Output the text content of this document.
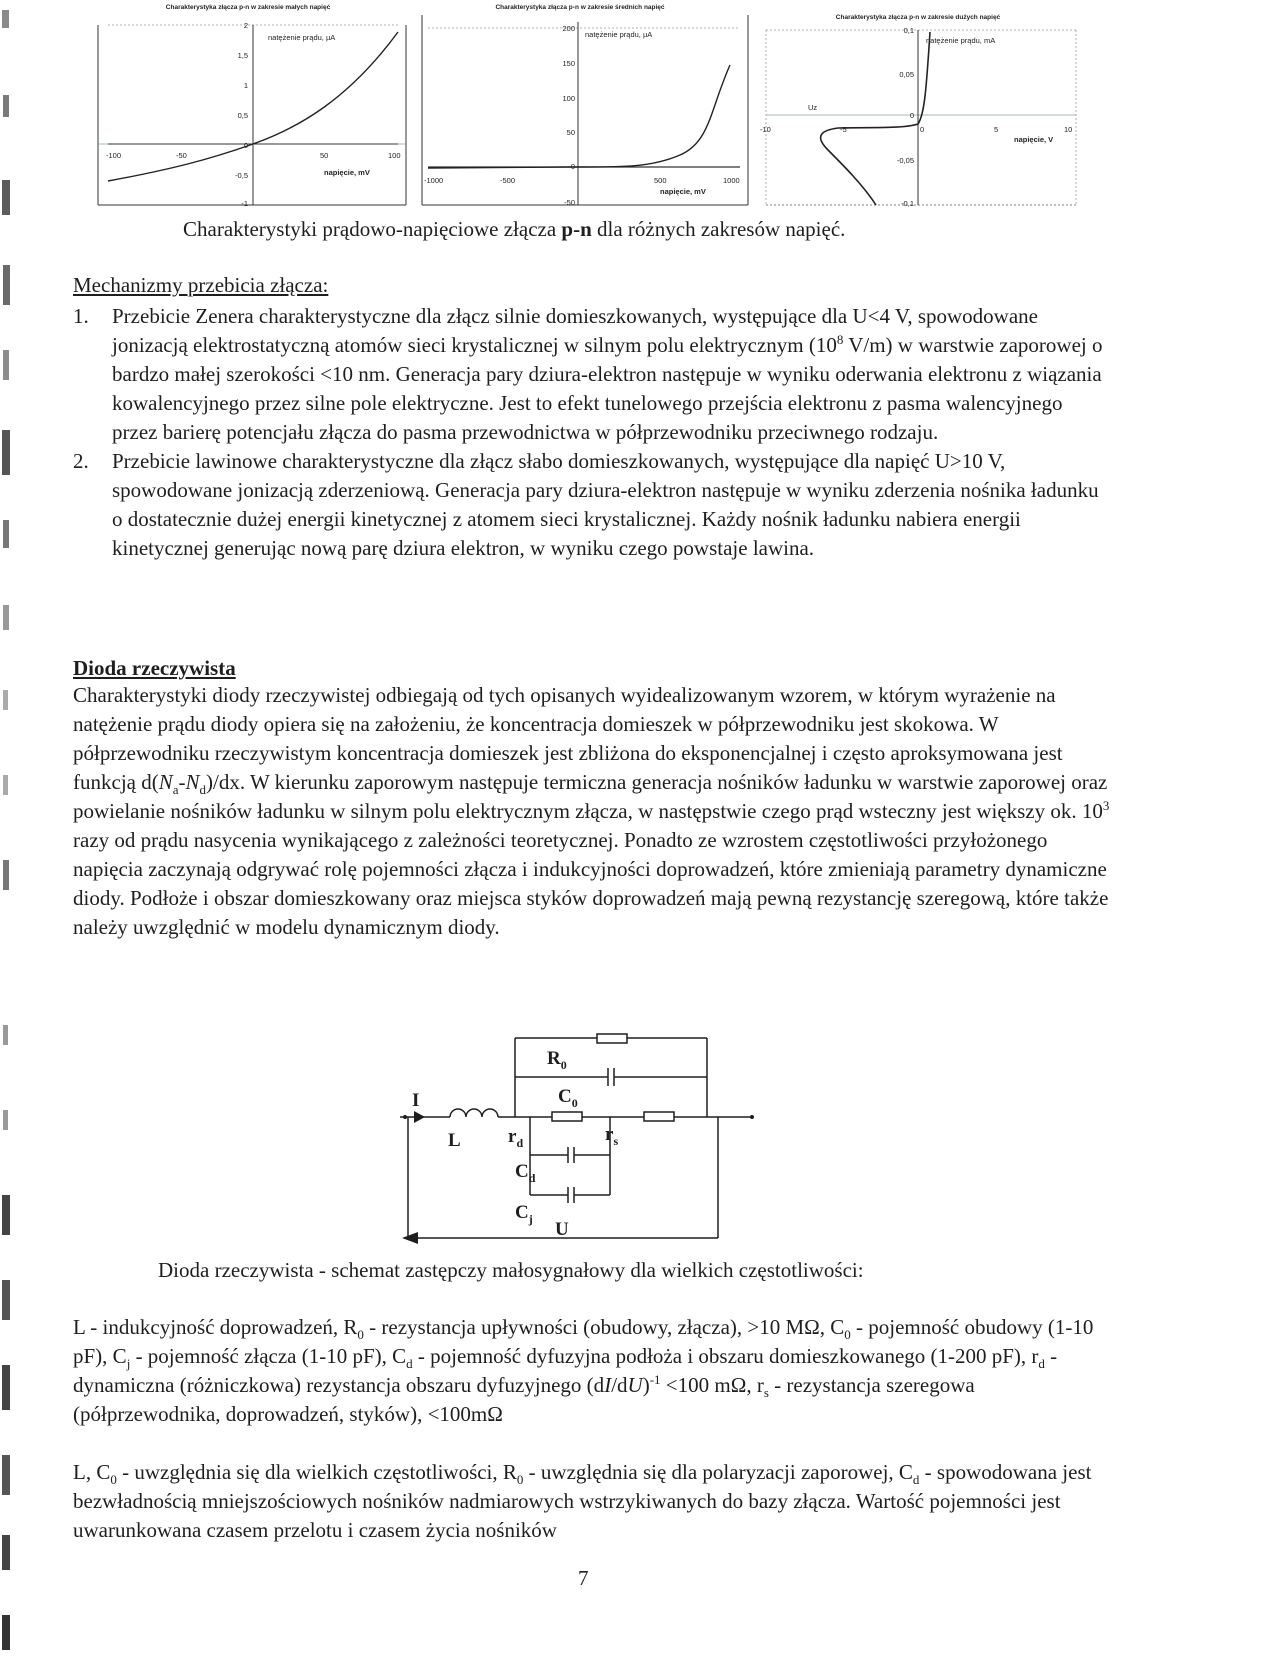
Charakterystyka złącza p-n w zakresie małych napięć
natężenie prądu, µA
2
1,5
1
0,5
0
-0,5
-1
-100	-50	50	100
napięcie, mV
Charakterystyka złącza p-n w zakresie średnich napięć
natężenie prądu, µA
200
150
100
50
0
-50
-1000	-500	500	1000
napięcie, mV
Charakterystyka złącza p-n w zakresie dużych napięć
natężenie prądu, mA
0,1
0,05
0
-0,05
-0,1
-10	-5	0	5	10
napięcie, V
Uz
Charakterystyki prądowo-napięciowe złącza p-n dla różnych zakresów napięć.
Mechanizmy przebicia złącza:
1. Przebicie Zenera charakterystyczne dla złącz silnie domieszkowanych, występujące dla U<4 V, spowodowane jonizacją elektrostatyczną atomów sieci krystalicznej w silnym polu elektrycznym ($10^8$ V/m) w warstwie zaporowej o bardzo małej szerokości <10 nm. Generacja pary dziura-elektron następuje w wyniku oderwania elektronu z wiązania kowalencyjnego przez silne pole elektryczne. Jest to efekt tunelowego przejścia elektronu z pasma walencyjnego przez barierę potencjału złącza do pasma przewodnictwa w półprzewodniku przeciwnego rodzaju.
2. Przebicie lawinowe charakterystyczne dla złącz słabo domieszkowanych, występujące dla napięć U>10 V, spowodowane jonizacją zderzeniową. Generacja pary dziura-elektron następuje w wyniku zderzenia nośnika ładunku o dostatecznie dużej energii kinetycznej z atomem sieci krystalicznej. Każdy nośnik ładunku nabiera energii kinetycznej generując nową parę dziura elektron, w wyniku czego powstaje lawina.
Dioda rzeczywista

Charakterystyki diody rzeczywistej odbiegają od tych opisanych wyidealizowanym wzorem, w którym wyrażenie na natężenie prądu diody opiera się na założeniu, że koncentracja domieszek w półprzewodniku jest skokowa. W półprzewodniku rzeczywistym koncentracja domieszek jest zbliżona do eksponencjalnej i często aproksymowana jest funkcją $d(N_a-N_d)/dx$. W kierunku zaporowym następuje termiczna generacja nośników ładunku w warstwie zaporowej oraz powielanie nośników ładunku w silnym polu elektrycznym złącza, w następstwie czego prąd wsteczny jest większy ok. $10^3$ razy od prądu nasycenia wynikającego z zależności teoretycznej. Ponadto ze wzrostem częstotliwości przyłożonego napięcia zaczynają odgrywać rolę pojemności złącza i indukcyjności doprowadzeń, które zmieniają parametry dynamiczne diody. Podłoże i obszar domieszkowany oraz miejsca styków doprowadzeń mają pewną rezystancję szeregową, które także należy uwzględnić w modelu dynamicznym diody.

I
L
$R_0$
$C_0$
$r_d$	$r_s$
$C_d$
$C_j$ U
Dioda rzeczywista - schemat zastępczy małosygnałowy dla wielkich częstotliwości:

L - indukcyjność doprowadzeń, $R_0$ - rezystancja upływności (obudowy, złącza), >10 MΩ, $C_0$ - pojemność obudowy (1-10 pF), $C_j$ - pojemność złącza (1-10 pF), $C_d$ - pojemność dyfuzyjna podłoża i obszaru domieszkowanego (1-200 pF), $r_d$ - dynamiczna (różniczkowa) rezystancja obszaru dyfuzyjnego $(dI/dU)^{-1} <100$ mΩ, $r_s$ - rezystancja szeregowa (półprzewodnika, doprowadzeń, styków), <100mΩ

L, $C_0$ - uwzględnia się dla wielkich częstotliwości, $R_0$ - uwzględnia się dla polaryzacji zaporowej, $C_d$ - spowodowana jest bezwładnością mniejszościowych nośników nadmiarowych wstrzykiwanych do bazy złącza. Wartość pojemności jest uwarunkowana czasem przelotu i czasem życia nośników

7
